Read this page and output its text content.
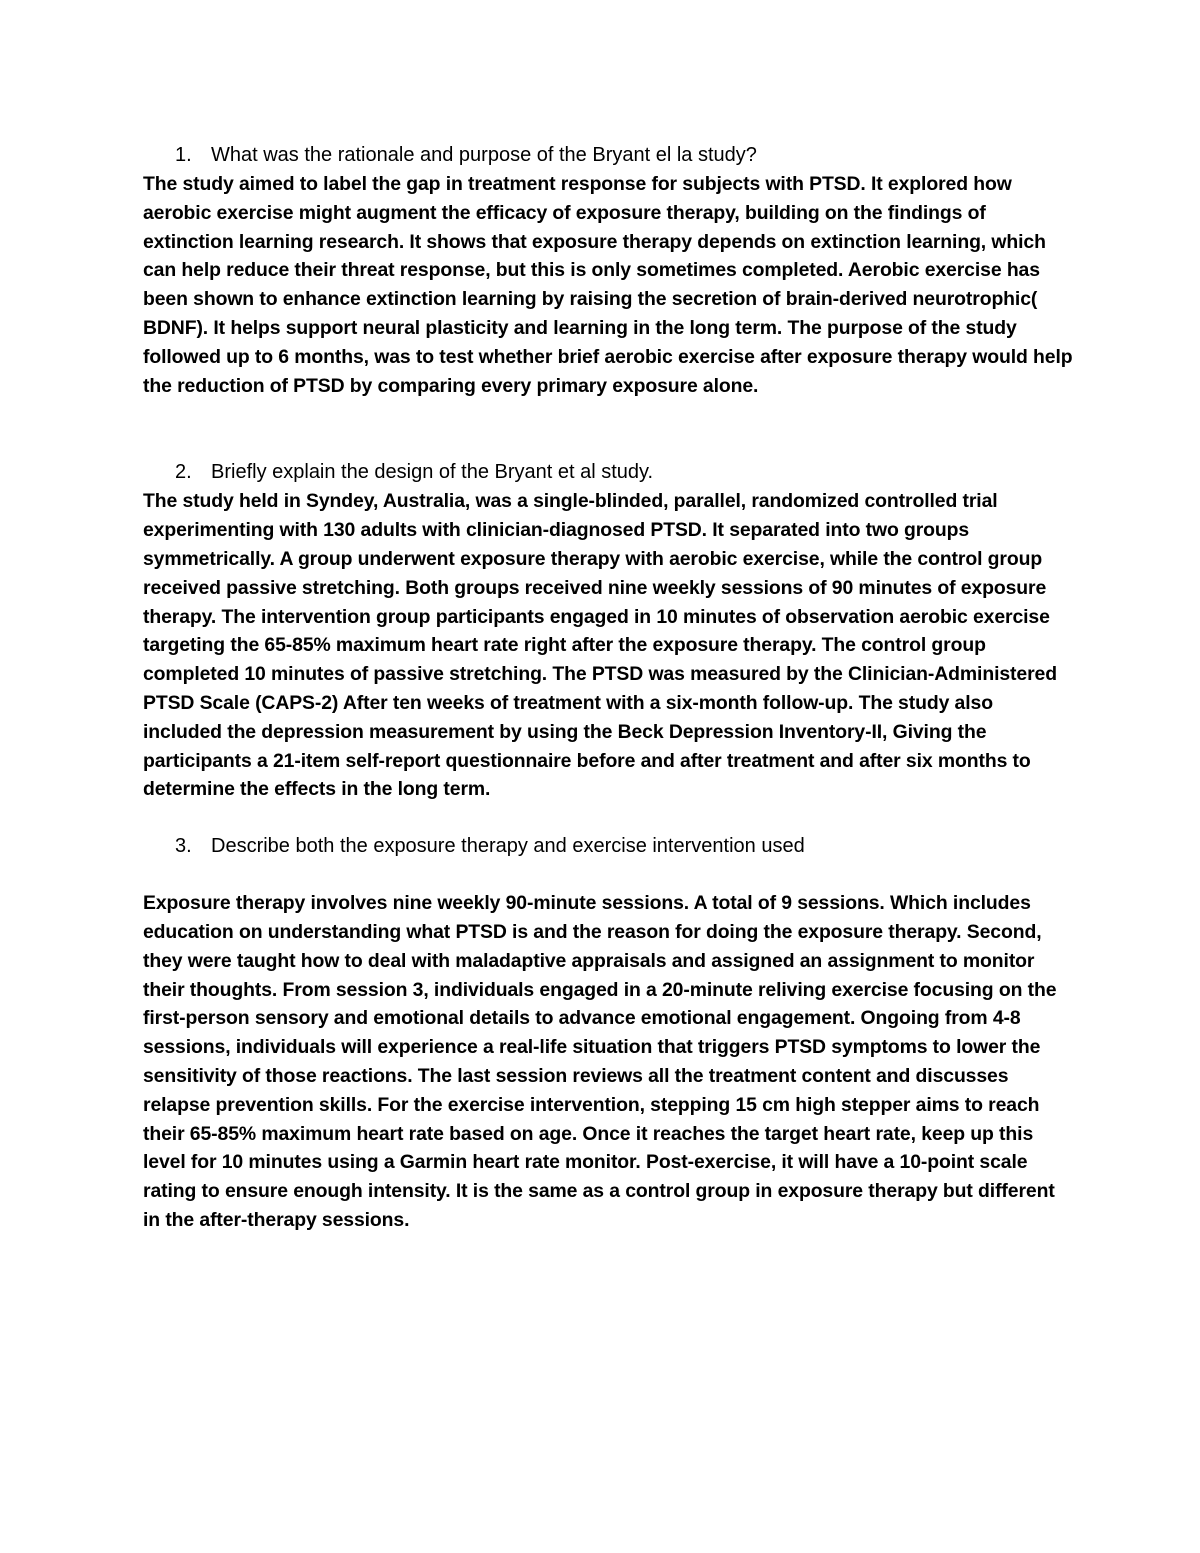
1. What was the rationale and purpose of the Bryant el la study?

The study aimed to label the gap in treatment response for subjects with PTSD. It explored how aerobic exercise might augment the efficacy of exposure therapy, building on the findings of extinction learning research. It shows that exposure therapy depends on extinction learning, which can help reduce their threat response, but this is only sometimes completed. Aerobic exercise has been shown to enhance extinction learning by raising the secretion of brain-derived neurotrophic( BDNF). It helps support neural plasticity and learning in the long term. The purpose of the study followed up to 6 months, was to test whether brief aerobic exercise after exposure therapy would help the reduction of PTSD by comparing every primary exposure alone.

2. Briefly explain the design of the Bryant et al study.

The study held in Syndey, Australia, was a single-blinded, parallel, randomized controlled trial experimenting with 130 adults with clinician-diagnosed PTSD. It separated into two groups symmetrically. A group underwent exposure therapy with aerobic exercise, while the control group received passive stretching. Both groups received nine weekly sessions of 90 minutes of exposure therapy. The intervention group participants engaged in 10 minutes of observation aerobic exercise targeting the 65-85% maximum heart rate right after the exposure therapy. The control group completed 10 minutes of passive stretching. The PTSD was measured by the Clinician-Administered PTSD Scale (CAPS-2) After ten weeks of treatment with a six-month follow-up. The study also included the depression measurement by using the Beck Depression Inventory-II, Giving the participants a 21-item self-report questionnaire before and after treatment and after six months to determine the effects in the long term.

3. Describe both the exposure therapy and exercise intervention used

Exposure therapy involves nine weekly 90-minute sessions. A total of 9 sessions. Which includes education on understanding what PTSD is and the reason for doing the exposure therapy. Second, they were taught how to deal with maladaptive appraisals and assigned an assignment to monitor their thoughts. From session 3, individuals engaged in a 20-minute reliving exercise focusing on the first-person sensory and emotional details to advance emotional engagement. Ongoing from 4-8 sessions, individuals will experience a real-life situation that triggers PTSD symptoms to lower the sensitivity of those reactions. The last session reviews all the treatment content and discusses relapse prevention skills. For the exercise intervention, stepping 15 cm high stepper aims to reach their 65-85% maximum heart rate based on age. Once it reaches the target heart rate, keep up this level for 10 minutes using a Garmin heart rate monitor. Post-exercise, it will have a 10-point scale rating to ensure enough intensity. It is the same as a control group in exposure therapy but different in the after-therapy sessions.
